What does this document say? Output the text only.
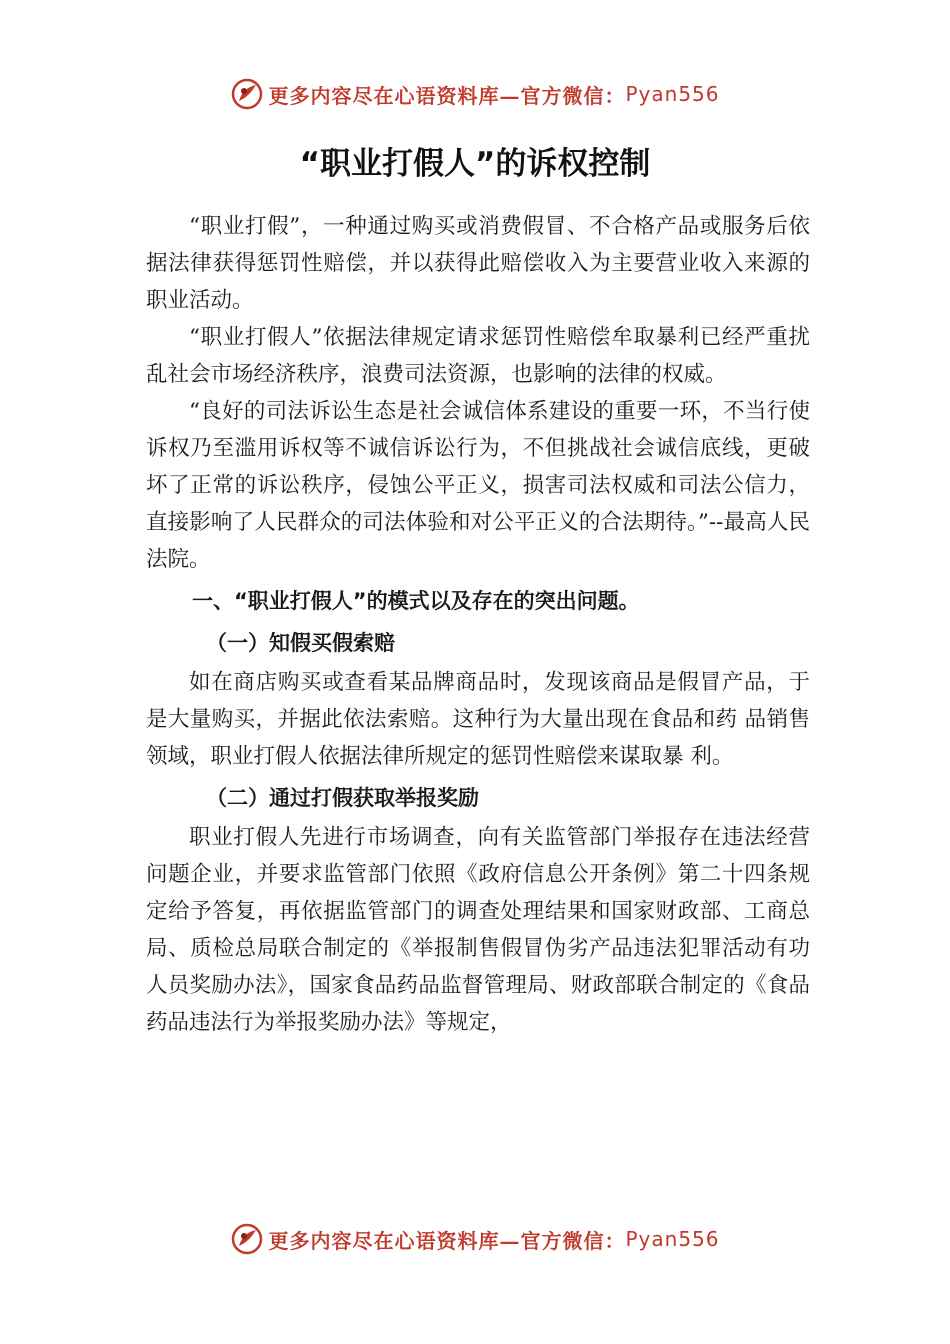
更多内容尽在心语资料库—官方微信： Pyan556
“职业打假人”的诉权控制

“职业打假”，一种通过购买或消费假冒、不合格产品或服务后依据法律获得惩罚性赔偿，并以获得此赔偿收入为主要营业收入来源的职业活动。

“职业打假人”依据法律规定请求惩罚性赔偿牟取暴利已经严重扰乱社会市场经济秩序，浪费司法资源，也影响的法律的权威。

“良好的司法诉讼生态是社会诚信体系建设的重要一环，不当行使诉权乃至滥用诉权等不诚信诉讼行为，不但挑战社会诚信底线，更破坏了正常的诉讼秩序，侵蚀公平正义，损害司法权威和司法公信力，直接影响了人民群众的司法体验和对公平正义的合法期待。”--最高人民法院。

一、“职业打假人”的模式以及存在的突出问题。

（一）知假买假索赔

如在商店购买或查看某品牌商品时，发现该商品是假冒产品，于是大量购买，并据此依法索赔。这种行为大量出现在食品和药 品销售领域，职业打假人依据法律所规定的惩罚性赔偿来谋取暴 利。

（二）通过打假获取举报奖励

职业打假人先进行市场调查，向有关监管部门举报存在违法经营问题企业，并要求监管部门依照《政府信息公开条例》第二十四条规定给予答复，再依据监管部门的调查处理结果和国家财政部、工商总局、质检总局联合制定的《举报制售假冒伪劣产品违法犯罪活动有功人员奖励办法》，国家食品药品监督管理局、财政部联合制定的《食品药品违法行为举报奖励办法》等规定，

更多内容尽在心语资料库—官方微信： Pyan556
